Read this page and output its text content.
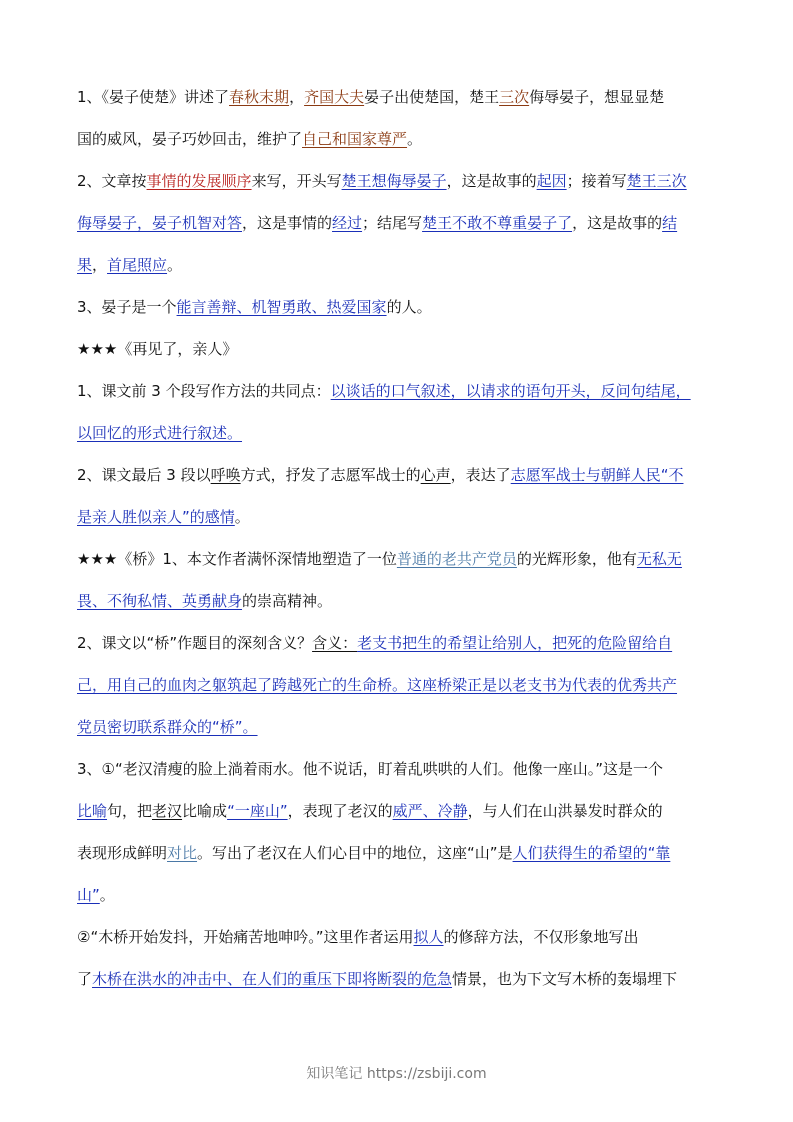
1、《晏子使楚》讲述了春秋末期，齐国大夫晏子出使楚国，楚王三次侮辱晏子，想显显楚

国的威风，晏子巧妙回击，维护了自己和国家尊严。

2、文章按事情的发展顺序来写，开头写楚王想侮辱晏子，这是故事的起因；接着写楚王三次

侮辱晏子，晏子机智对答，这是事情的经过；结尾写楚王不敢不尊重晏子了，这是故事的结

果，首尾照应。

3、晏子是一个能言善辩、机智勇敢、热爱国家的人。

★★★《再见了，亲人》

1、课文前 3 个段写作方法的共同点：以谈话的口气叙述，以请求的语句开头，反问句结尾，

以回忆的形式进行叙述。

2、课文最后 3 段以呼唤方式，抒发了志愿军战士的心声，表达了志愿军战士与朝鲜人民“不

是亲人胜似亲人”的感情。

★★★《桥》1、本文作者满怀深情地塑造了一位普通的老共产党员的光辉形象，他有无私无

畏、不徇私情、英勇献身的崇高精神。

2、课文以“桥”作题目的深刻含义？含义：老支书把生的希望让给别人，把死的危险留给自

己，用自己的血肉之躯筑起了跨越死亡的生命桥。这座桥梁正是以老支书为代表的优秀共产

党员密切联系群众的“桥”。

3、①“老汉清瘦的脸上淌着雨水。他不说话，盯着乱哄哄的人们。他像一座山。”这是一个

比喻句，把老汉比喻成“一座山”，表现了老汉的威严、冷静，与人们在山洪暴发时群众的

表现形成鲜明对比。写出了老汉在人们心目中的地位，这座“山”是人们获得生的希望的“靠

山”。

②“木桥开始发抖，开始痛苦地呻吟。”这里作者运用拟人的修辞方法，不仅形象地写出

了木桥在洪水的冲击中、在人们的重压下即将断裂的危急情景，也为下文写木桥的轰塌埋下

知识笔记 https://zsbiji.com
